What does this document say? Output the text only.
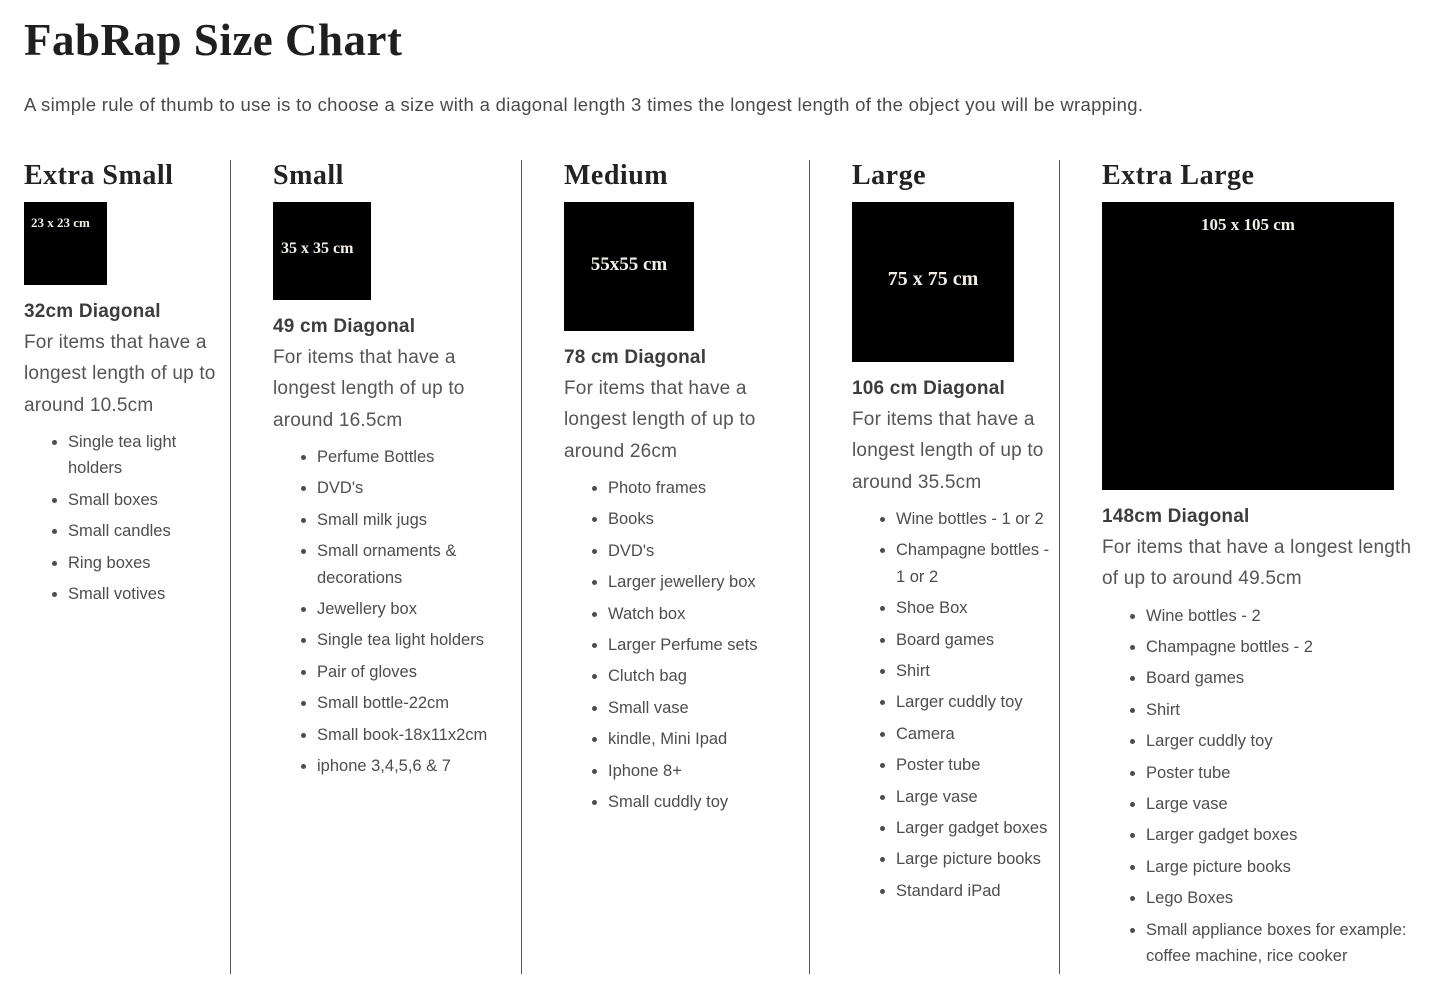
FabRap Size Chart

A simple rule of thumb to use is to choose a size with a diagonal length 3 times the longest length of the object you will be wrapping.

Extra Small
23 x 23 cm
32cm Diagonal
For items that have a longest length of up to around 10.5cm
• Single tea light holders
• Small boxes
• Small candles
• Ring boxes
• Small votives
Small
35 x 35 cm
49 cm Diagonal
For items that have a longest length of up to around 16.5cm
• Perfume Bottles
• DVD's
• Small milk jugs
• Small ornaments & decorations
• Jewellery box
• Single tea light holders
• Pair of gloves
• Small bottle-22cm
• Small book-18x11x2cm
• iphone 3,4,5,6 & 7
Medium
55x55 cm
78 cm Diagonal
For items that have a longest length of up to around 26cm
• Photo frames
• Books
• DVD's
• Larger jewellery box
• Watch box
• Larger Perfume sets
• Clutch bag
• Small vase
• kindle, Mini Ipad
• Iphone 8+
• Small cuddly toy
Large
75 x 75 cm
106 cm Diagonal
For items that have a longest length of up to around 35.5cm
• Wine bottles - 1 or 2
• Champagne bottles - 1 or 2
• Shoe Box
• Board games
• Shirt
• Larger cuddly toy
• Camera
• Poster tube
• Large vase
• Larger gadget boxes
• Large picture books
• Standard iPad
Extra Large
105 x 105 cm
148cm Diagonal
For items that have a longest length of up to around 49.5cm
• Wine bottles - 2
• Champagne bottles - 2
• Board games
• Shirt
• Larger cuddly toy
• Poster tube
• Large vase
• Larger gadget boxes
• Large picture books
• Lego Boxes
• Small appliance boxes for example: coffee machine, rice cooker
